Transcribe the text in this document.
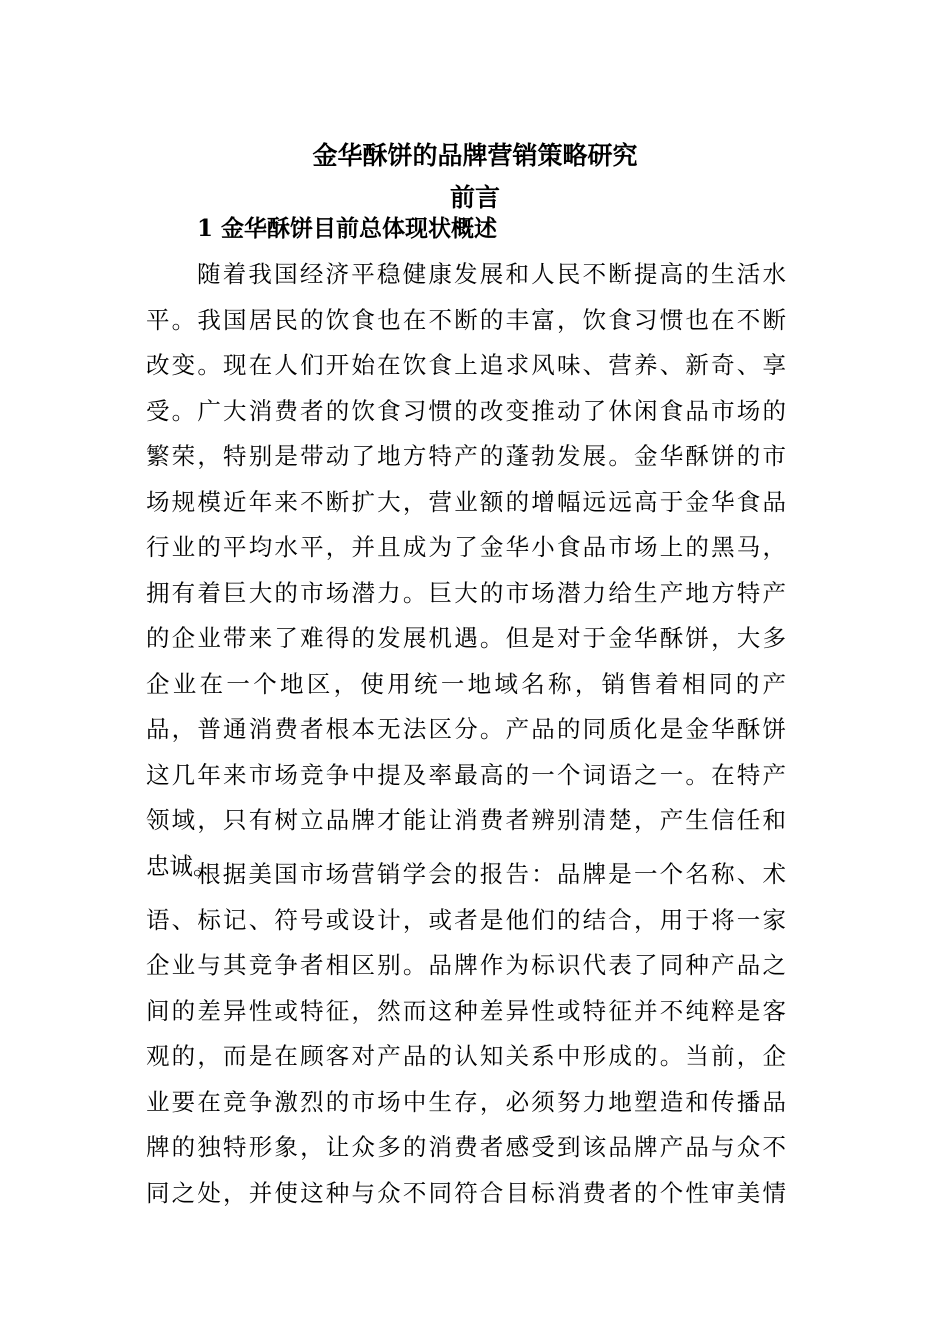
金华酥饼的品牌营销策略研究
前言
1 金华酥饼目前总体现状概述
随着我国经济平稳健康发展和人民不断提高的生活水
平。我国居民的饮食也在不断的丰富，饮食习惯也在不断
改变。现在人们开始在饮食上追求风味、营养、新奇、享
受。广大消费者的饮食习惯的改变推动了休闲食品市场的
繁荣，特别是带动了地方特产的蓬勃发展。金华酥饼的市
场规模近年来不断扩大，营业额的增幅远远高于金华食品
行业的平均水平，并且成为了金华小食品市场上的黑马，
拥有着巨大的市场潜力。巨大的市场潜力给生产地方特产
的企业带来了难得的发展机遇。但是对于金华酥饼，大多
企业在一个地区，使用统一地域名称，销售着相同的产
品，普通消费者根本无法区分。产品的同质化是金华酥饼
这几年来市场竞争中提及率最高的一个词语之一。在特产
领域，只有树立品牌才能让消费者辨别清楚，产生信任和
忠诚。
根据美国市场营销学会的报告：品牌是一个名称、术
语、标记、符号或设计，或者是他们的结合，用于将一家
企业与其竞争者相区别。品牌作为标识代表了同种产品之
间的差异性或特征，然而这种差异性或特征并不纯粹是客
观的，而是在顾客对产品的认知关系中形成的。当前，企
业要在竞争激烈的市场中生存，必须努力地塑造和传播品
牌的独特形象，让众多的消费者感受到该品牌产品与众不
同之处，并使这种与众不同符合目标消费者的个性审美情
